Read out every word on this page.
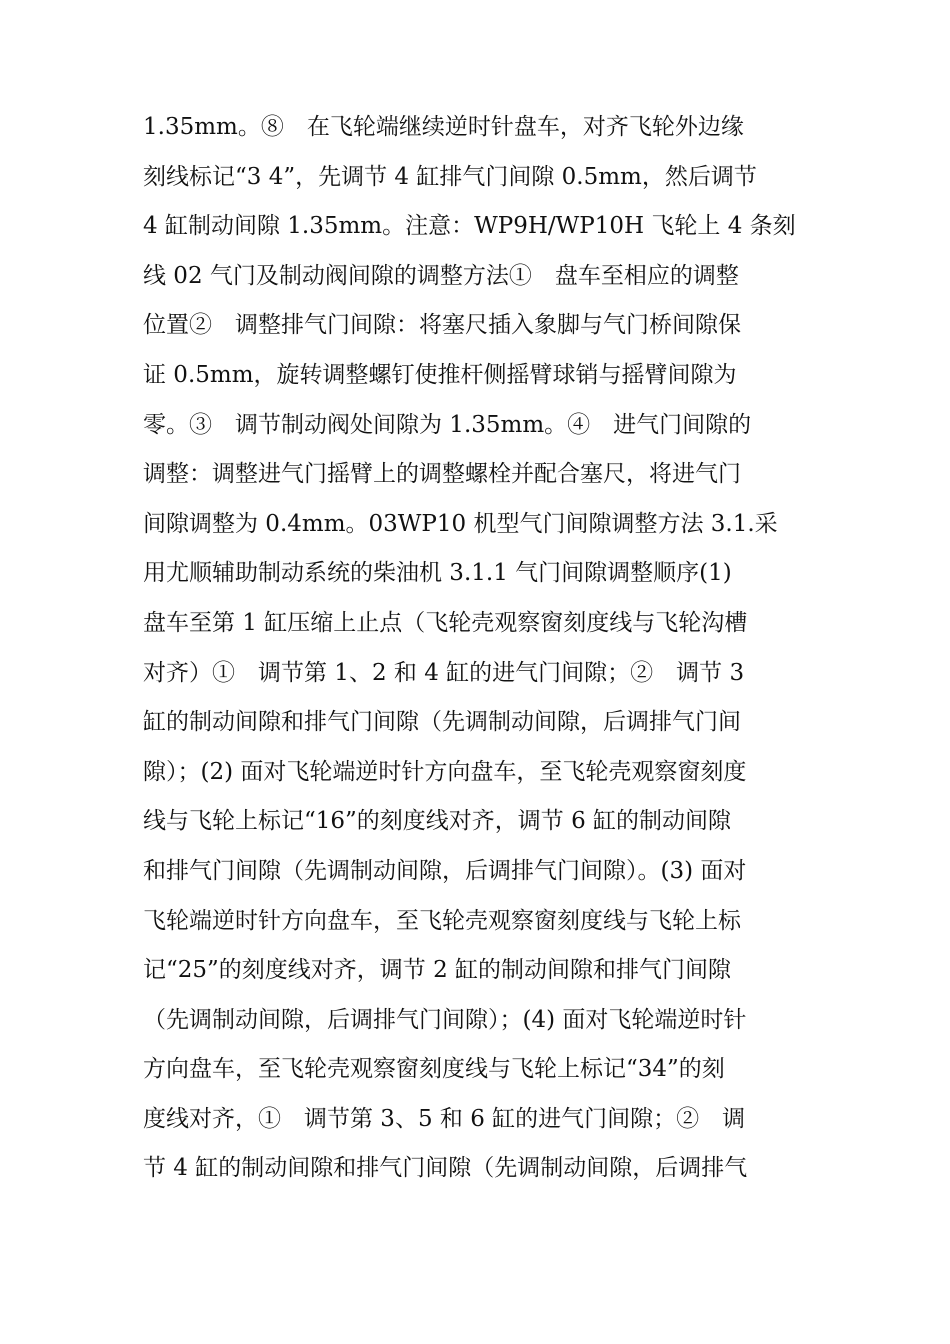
1.35mm。⑧　在飞轮端继续逆时针盘车，对齐飞轮外边缘
刻线标记“3 4”，先调节 4 缸排气门间隙 0.5mm，然后调节
4 缸制动间隙 1.35mm。注意：WP9H/WP10H 飞轮上 4 条刻
线 02 气门及制动阀间隙的调整方法①　盘车至相应的调整
位置②　调整排气门间隙：将塞尺插入象脚与气门桥间隙保
证 0.5mm，旋转调整螺钉使推杆侧摇臂球销与摇臂间隙为
零。③　调节制动阀处间隙为 1.35mm。④　进气门间隙的
调整：调整进气门摇臂上的调整螺栓并配合塞尺，将进气门
间隙调整为 0.4mm。03WP10 机型气门间隙调整方法 3.1.采
用尤顺辅助制动系统的柴油机 3.1.1 气门间隙调整顺序(1)
盘车至第 1 缸压缩上止点（飞轮壳观察窗刻度线与飞轮沟槽
对齐）①　调节第 1、2 和 4 缸的进气门间隙；②　调节 3
缸的制动间隙和排气门间隙（先调制动间隙，后调排气门间
隙）；(2) 面对飞轮端逆时针方向盘车，至飞轮壳观察窗刻度
线与飞轮上标记“16”的刻度线对齐，调节 6 缸的制动间隙
和排气门间隙（先调制动间隙，后调排气门间隙）。(3) 面对
飞轮端逆时针方向盘车，至飞轮壳观察窗刻度线与飞轮上标
记“25”的刻度线对齐，调节 2 缸的制动间隙和排气门间隙
（先调制动间隙，后调排气门间隙）；(4) 面对飞轮端逆时针
方向盘车，至飞轮壳观察窗刻度线与飞轮上标记“34”的刻
度线对齐，①　调节第 3、5 和 6 缸的进气门间隙；②　调
节 4 缸的制动间隙和排气门间隙（先调制动间隙，后调排气
